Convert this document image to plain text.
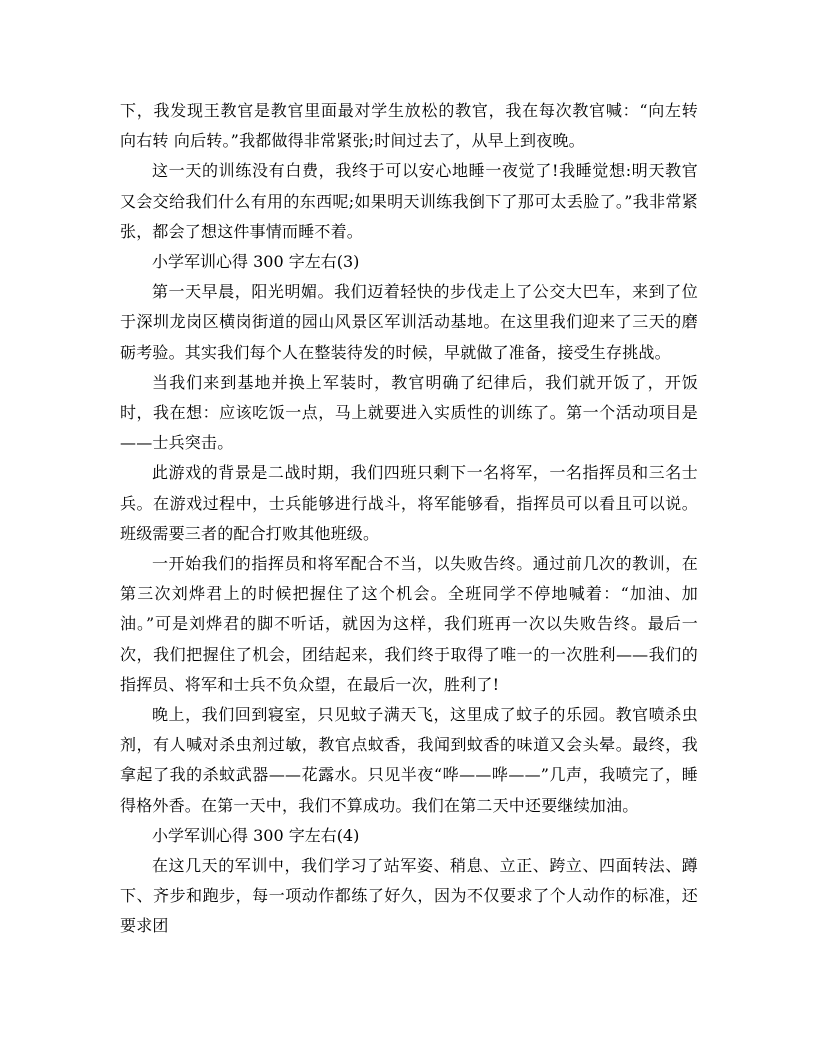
下，我发现王教官是教官里面最对学生放松的教官，我在每次教官喊：“向左转 向右转 向后转。”我都做得非常紧张;时间过去了，从早上到夜晚。

这一天的训练没有白费，我终于可以安心地睡一夜觉了!我睡觉想:明天教官又会交给我们什么有用的东西呢;如果明天训练我倒下了那可太丢脸了。”我非常紧张，都会了想这件事情而睡不着。

小学军训心得 300 字左右(3)

第一天早晨，阳光明媚。我们迈着轻快的步伐走上了公交大巴车，来到了位于深圳龙岗区横岗街道的园山风景区军训活动基地。在这里我们迎来了三天的磨砺考验。其实我们每个人在整装待发的时候，早就做了准备，接受生存挑战。

当我们来到基地并换上军装时，教官明确了纪律后，我们就开饭了，开饭时，我在想：应该吃饭一点，马上就要进入实质性的训练了。第一个活动项目是——士兵突击。

此游戏的背景是二战时期，我们四班只剩下一名将军，一名指挥员和三名士兵。在游戏过程中，士兵能够进行战斗，将军能够看，指挥员可以看且可以说。班级需要三者的配合打败其他班级。

一开始我们的指挥员和将军配合不当，以失败告终。通过前几次的教训，在第三次刘烨君上的时候把握住了这个机会。全班同学不停地喊着：“加油、加油。”可是刘烨君的脚不听话，就因为这样，我们班再一次以失败告终。最后一次，我们把握住了机会，团结起来，我们终于取得了唯一的一次胜利——我们的指挥员、将军和士兵不负众望，在最后一次，胜利了!

晚上，我们回到寝室，只见蚊子满天飞，这里成了蚊子的乐园。教官喷杀虫剂，有人喊对杀虫剂过敏，教官点蚊香，我闻到蚊香的味道又会头晕。最终，我拿起了我的杀蚊武器——花露水。只见半夜“哗——哗——”几声，我喷完了，睡得格外香。在第一天中，我们不算成功。我们在第二天中还要继续加油。

小学军训心得 300 字左右(4)

在这几天的军训中，我们学习了站军姿、稍息、立正、跨立、四面转法、蹲下、齐步和跑步，每一项动作都练了好久，因为不仅要求了个人动作的标准，还要求团
